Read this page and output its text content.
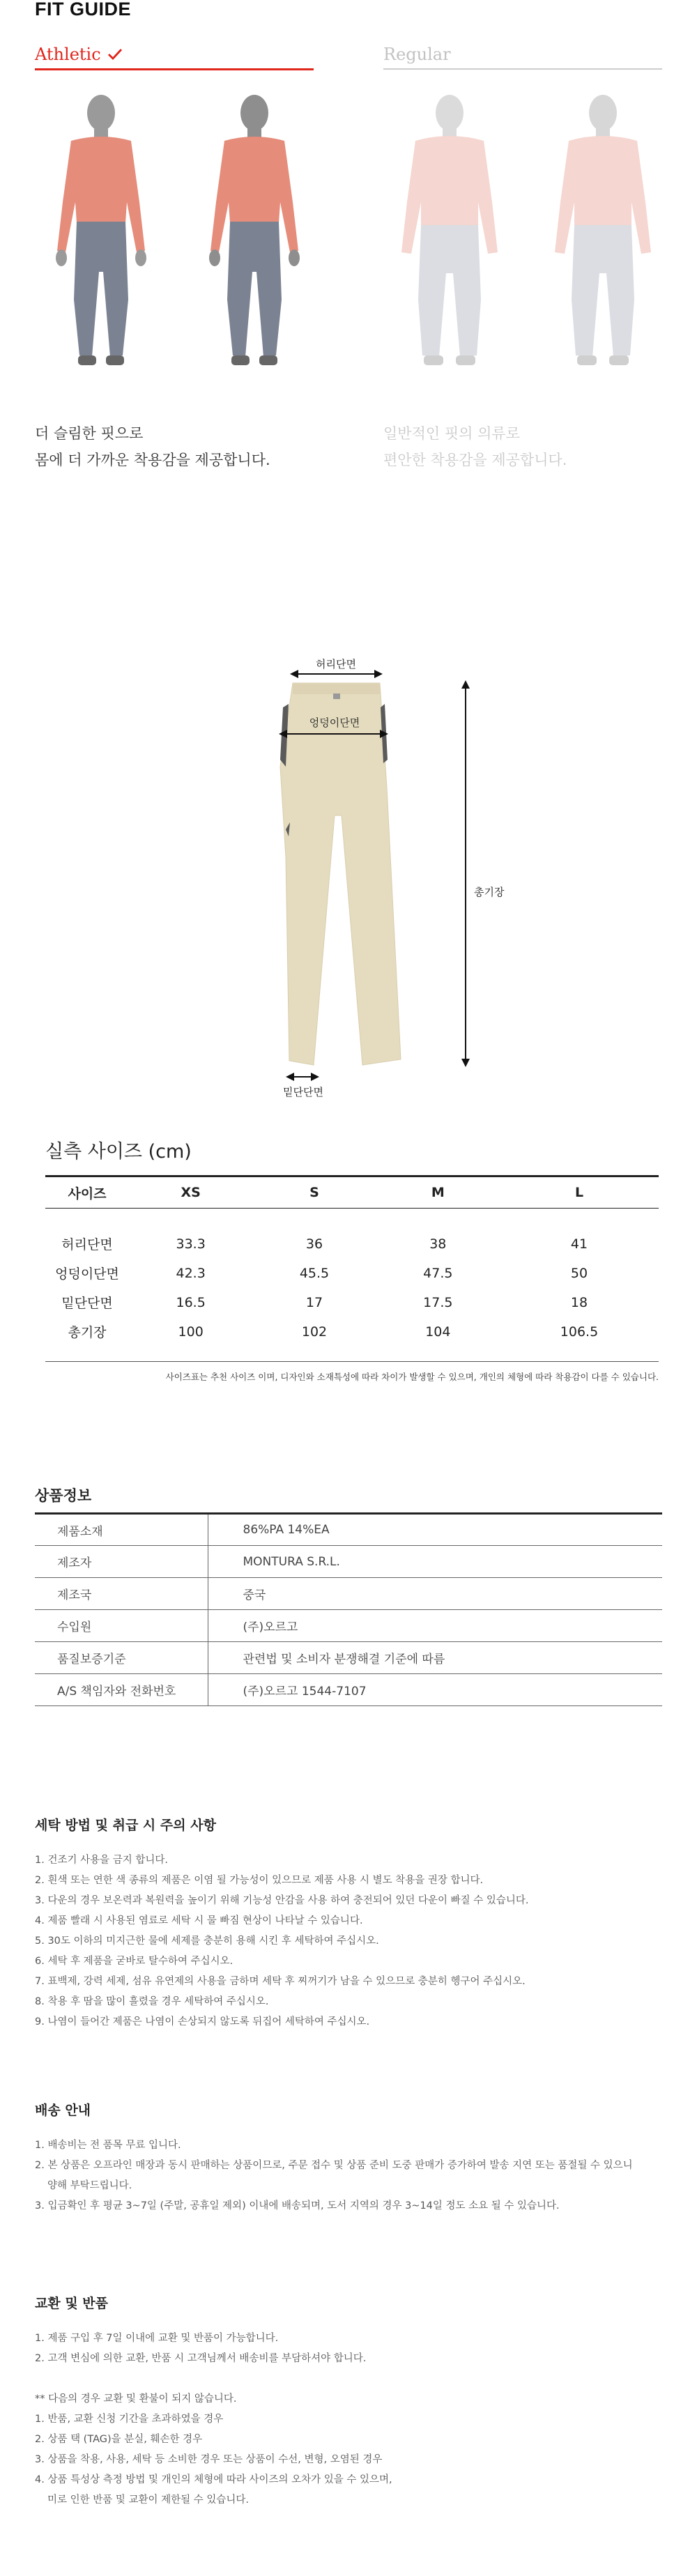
FIT GUIDE
Athletic	Regular
더 슬림한 핏으로
몸에 더 가까운 착용감을 제공합니다.
일반적인 핏의 의류로
편안한 착용감을 제공합니다.
허리단면
엉덩이단면
총기장
밑단단면
실측 사이즈 (cm)
사이즈	XS	S	M	L
허리단면	33.3	36	38	41
엉덩이단면	42.3	45.5	47.5	50
밑단단면	16.5	17	17.5	18
총기장	100	102	104	106.5
사이즈표는 추천 사이즈 이며, 디자인와 소재특성에 따라 차이가 발생할 수 있으며, 개인의 체형에 따라 착용감이 다를 수 있습니다.
상품정보
제품소재	86%PA 14%EA
제조자	MONTURA S.R.L.
제조국	중국
수입원	(주)오르고
품질보증기준	관련법 및 소비자 분쟁해결 기준에 따름
A/S 책임자와 전화번호	(주)오르고 1544-7107
세탁 방법 및 취급 시 주의 사항
1. 건조기 사용을 금지 합니다.
2. 흰색 또는 연한 색 종류의 제품은 이염 될 가능성이 있으므로 제품 사용 시 별도 착용을 권장 합니다.
3. 다운의 경우 보온력과 복원력을 높이기 위해 기능성 안감을 사용 하여 충전되어 있던 다운이 빠질 수 있습니다.
4. 제품 빨래 시 사용된 염료로 세탁 시 물 빠짐 현상이 나타날 수 있습니다.
5. 30도 이하의 미지근한 물에 세제를 충분히 용해 시킨 후 세탁하여 주십시오.
6. 세탁 후 제품을 굳바로 탈수하여 주십시오.
7. 표백제, 강력 세제, 섬유 유연제의 사용을 금하며 세탁 후 찌꺼기가 남을 수 있으므로 충분히 헹구어 주십시오.
8. 착용 후 땀을 많이 흘렸을 경우 세탁하여 주십시오.
9. 나염이 들어간 제품은 나염이 손상되지 않도록 뒤집어 세탁하여 주십시오.
배송 안내
1. 배송비는 전 품목 무료 입니다.
2. 본 상품은 오프라인 매장과 동시 판매하는 상품이므로, 주문 접수 및 상품 준비 도중 판매가 증가하여 발송 지연 또는 품절될 수 있으니
양해 부탁드립니다.
3. 입금확인 후 평균 3~7일 (주말, 공휴일 제외) 이내에 배송되며, 도서 지역의 경우 3~14일 정도 소요 될 수 있습니다.
교환 및 반품
1. 제품 구입 후 7일 이내에 교환 및 반품이 가능합니다.
2. 고객 변심에 의한 교환, 반품 시 고객님께서 배송비를 부담하셔야 합니다.
** 다음의 경우 교환 및 환불이 되지 않습니다.
1. 반품, 교환 신청 기간을 초과하였을 경우
2. 상품 택 (TAG)을 분실, 훼손한 경우
3. 상품을 착용, 사용, 세탁 등 소비한 경우 또는 상품이 수선, 변형, 오염된 경우
4. 상품 특성상 측정 방법 및 개인의 체형에 따라 사이즈의 오차가 있을 수 있으며,
미로 인한 반품 및 교환이 제한될 수 있습니다.
